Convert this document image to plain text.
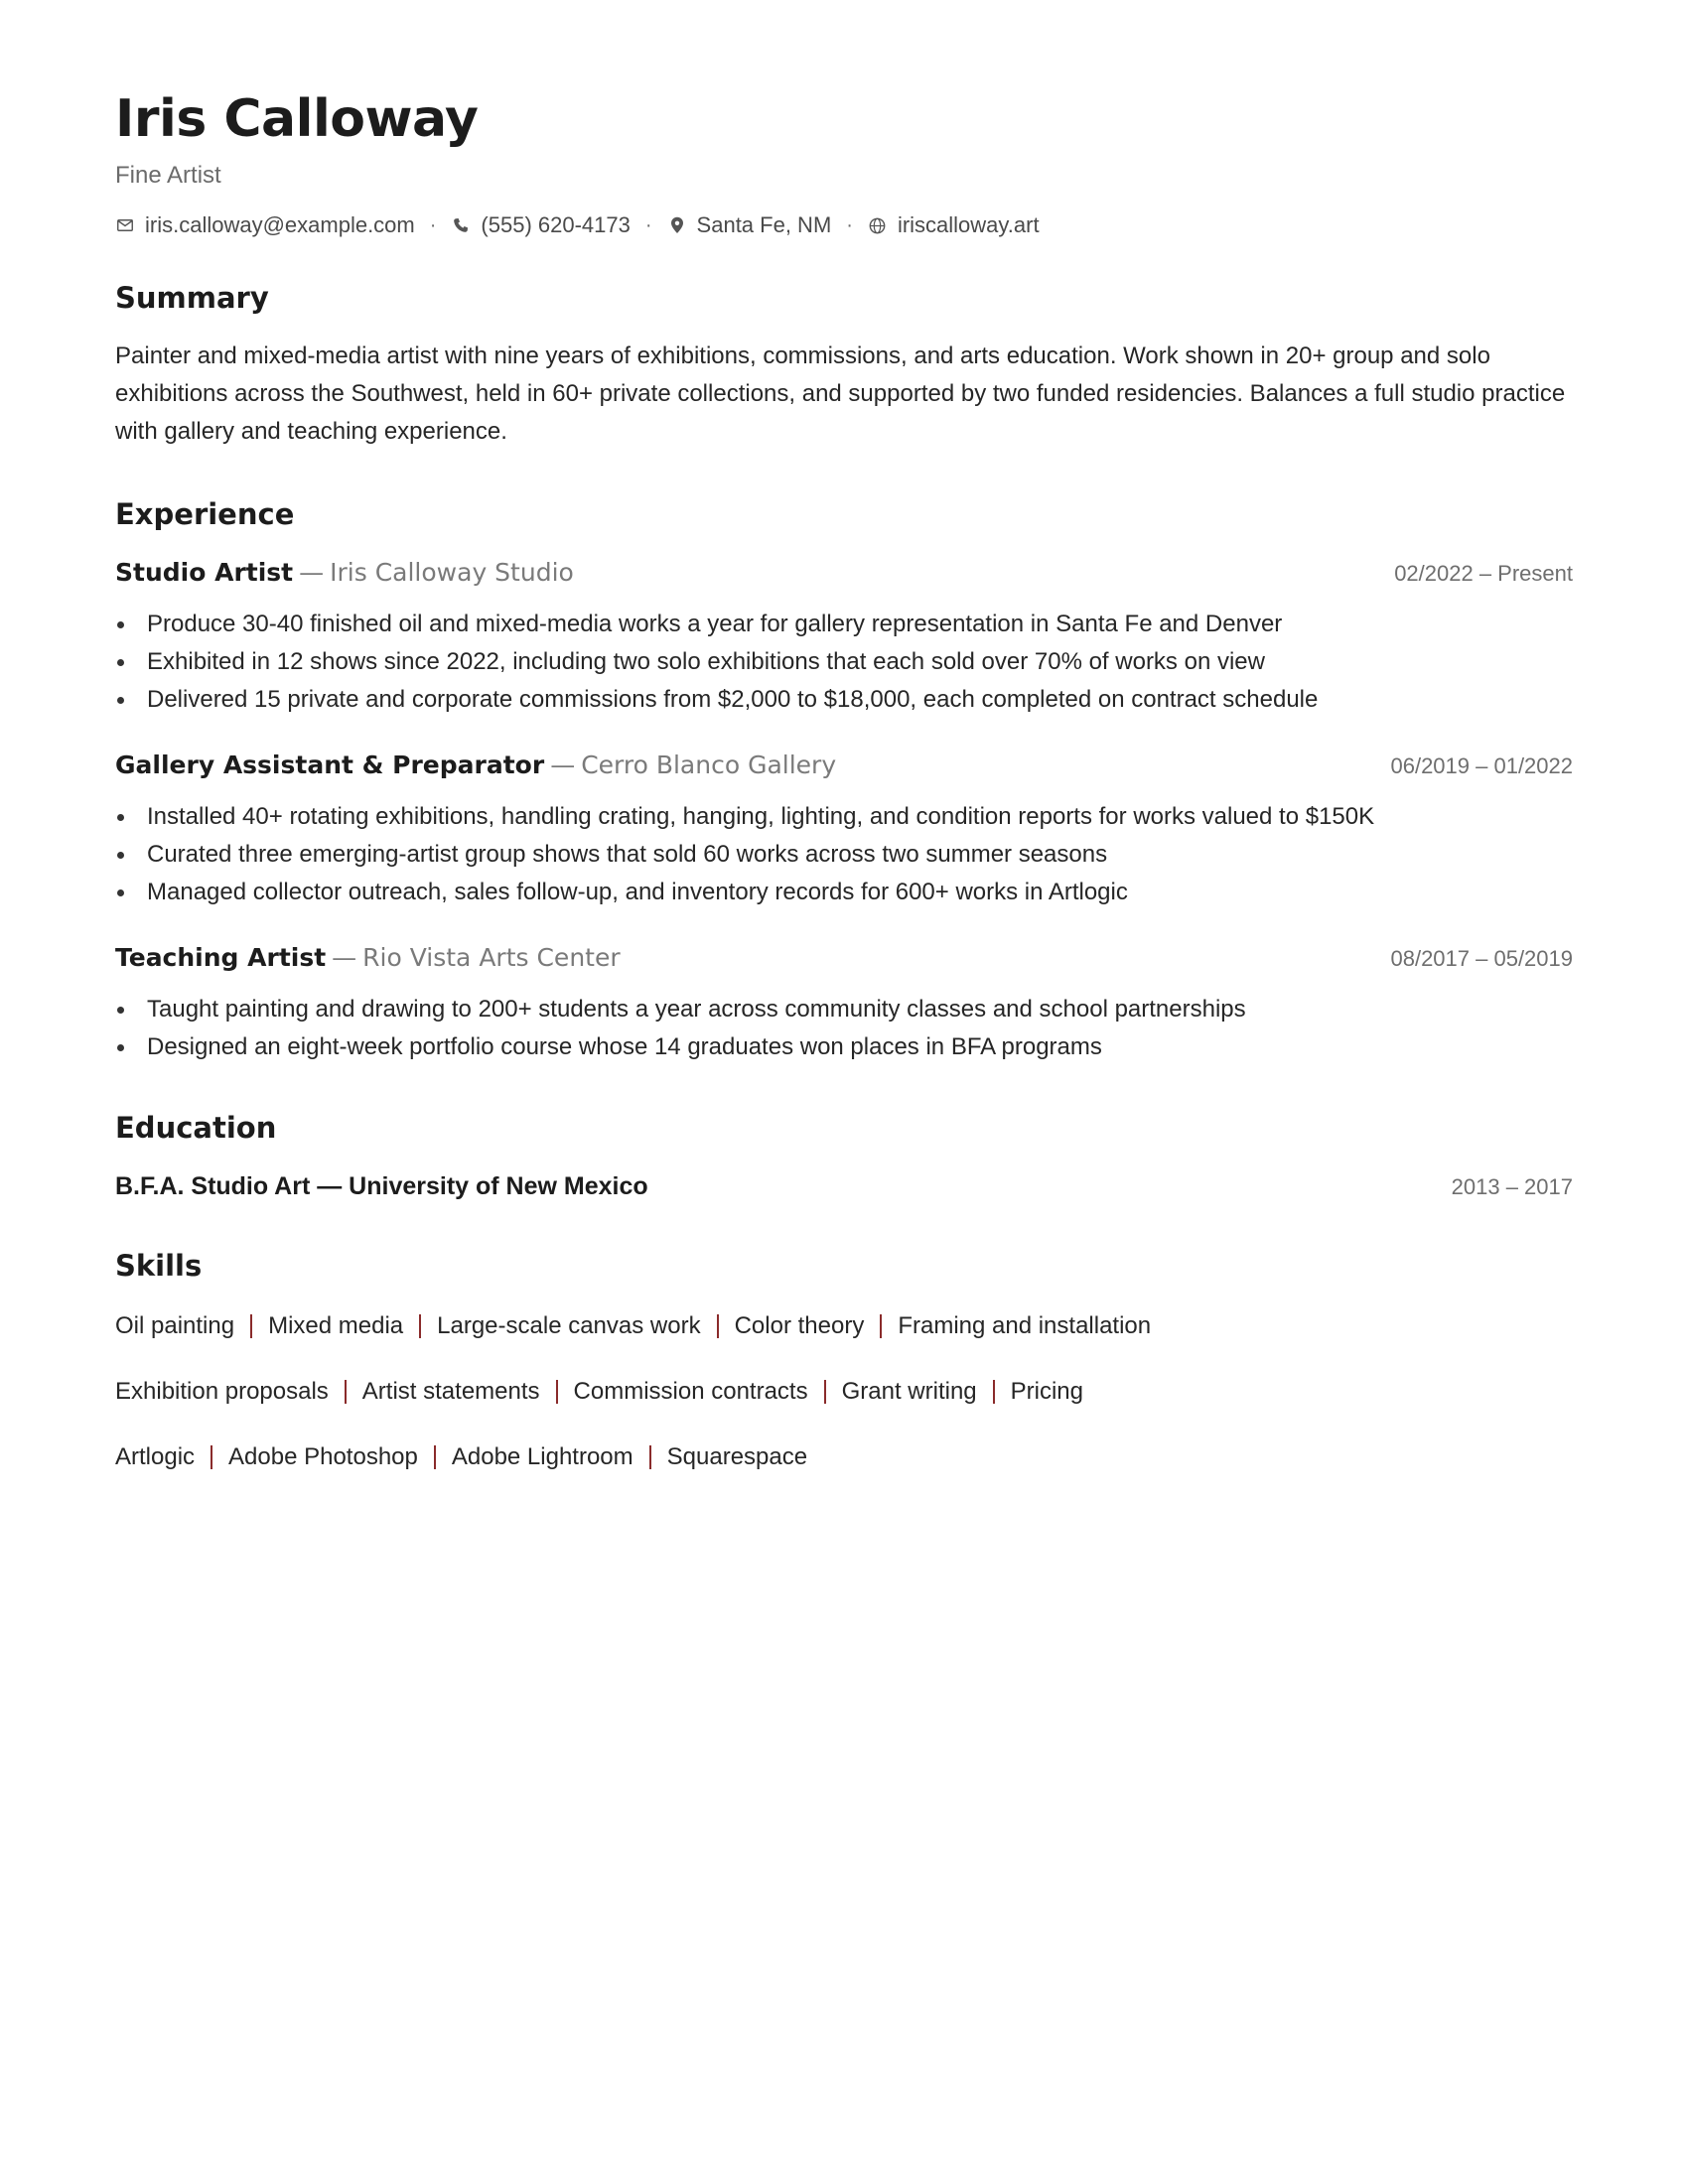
Iris Calloway
Fine Artist
iris.calloway@example.com · (555) 620-4173 · Santa Fe, NM · iriscalloway.art
Summary
Painter and mixed-media artist with nine years of exhibitions, commissions, and arts education. Work shown in 20+ group and solo exhibitions across the Southwest, held in 60+ private collections, and supported by two funded residencies. Balances a full studio practice with gallery and teaching experience.
Experience
Studio Artist — Iris Calloway Studio	02/2022 – Present
Produce 30-40 finished oil and mixed-media works a year for gallery representation in Santa Fe and Denver
Exhibited in 12 shows since 2022, including two solo exhibitions that each sold over 70% of works on view
Delivered 15 private and corporate commissions from $2,000 to $18,000, each completed on contract schedule
Gallery Assistant & Preparator — Cerro Blanco Gallery	06/2019 – 01/2022
Installed 40+ rotating exhibitions, handling crating, hanging, lighting, and condition reports for works valued to $150K
Curated three emerging-artist group shows that sold 60 works across two summer seasons
Managed collector outreach, sales follow-up, and inventory records for 600+ works in Artlogic
Teaching Artist — Rio Vista Arts Center	08/2017 – 05/2019
Taught painting and drawing to 200+ students a year across community classes and school partnerships
Designed an eight-week portfolio course whose 14 graduates won places in BFA programs
Education
B.F.A. Studio Art — University of New Mexico	2013 – 2017
Skills
Oil painting Mixed media Large-scale canvas work Color theory Framing and installation
Exhibition proposals Artist statements Commission contracts Grant writing Pricing
Artlogic Adobe Photoshop Adobe Lightroom Squarespace
